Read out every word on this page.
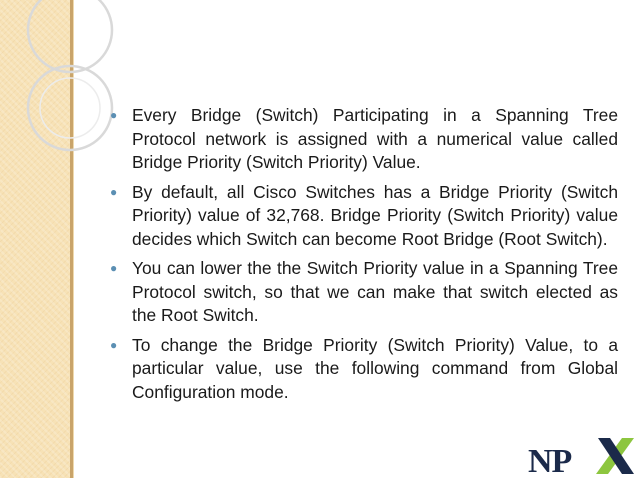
● Every Bridge (Switch) Participating in a Spanning Tree Protocol network is assigned with a numerical value called Bridge Priority (Switch Priority) Value.
● By default, all Cisco Switches has a Bridge Priority (Switch Priority) value of 32,768. Bridge Priority (Switch Priority) value decides which Switch can become Root Bridge (Root Switch).
● You can lower the the Switch Priority value in a Spanning Tree Protocol switch, so that we can make that switch elected as the Root Switch.
● To change the Bridge Priority (Switch Priority) Value, to a particular value, use the following command from Global Configuration mode.
NP
